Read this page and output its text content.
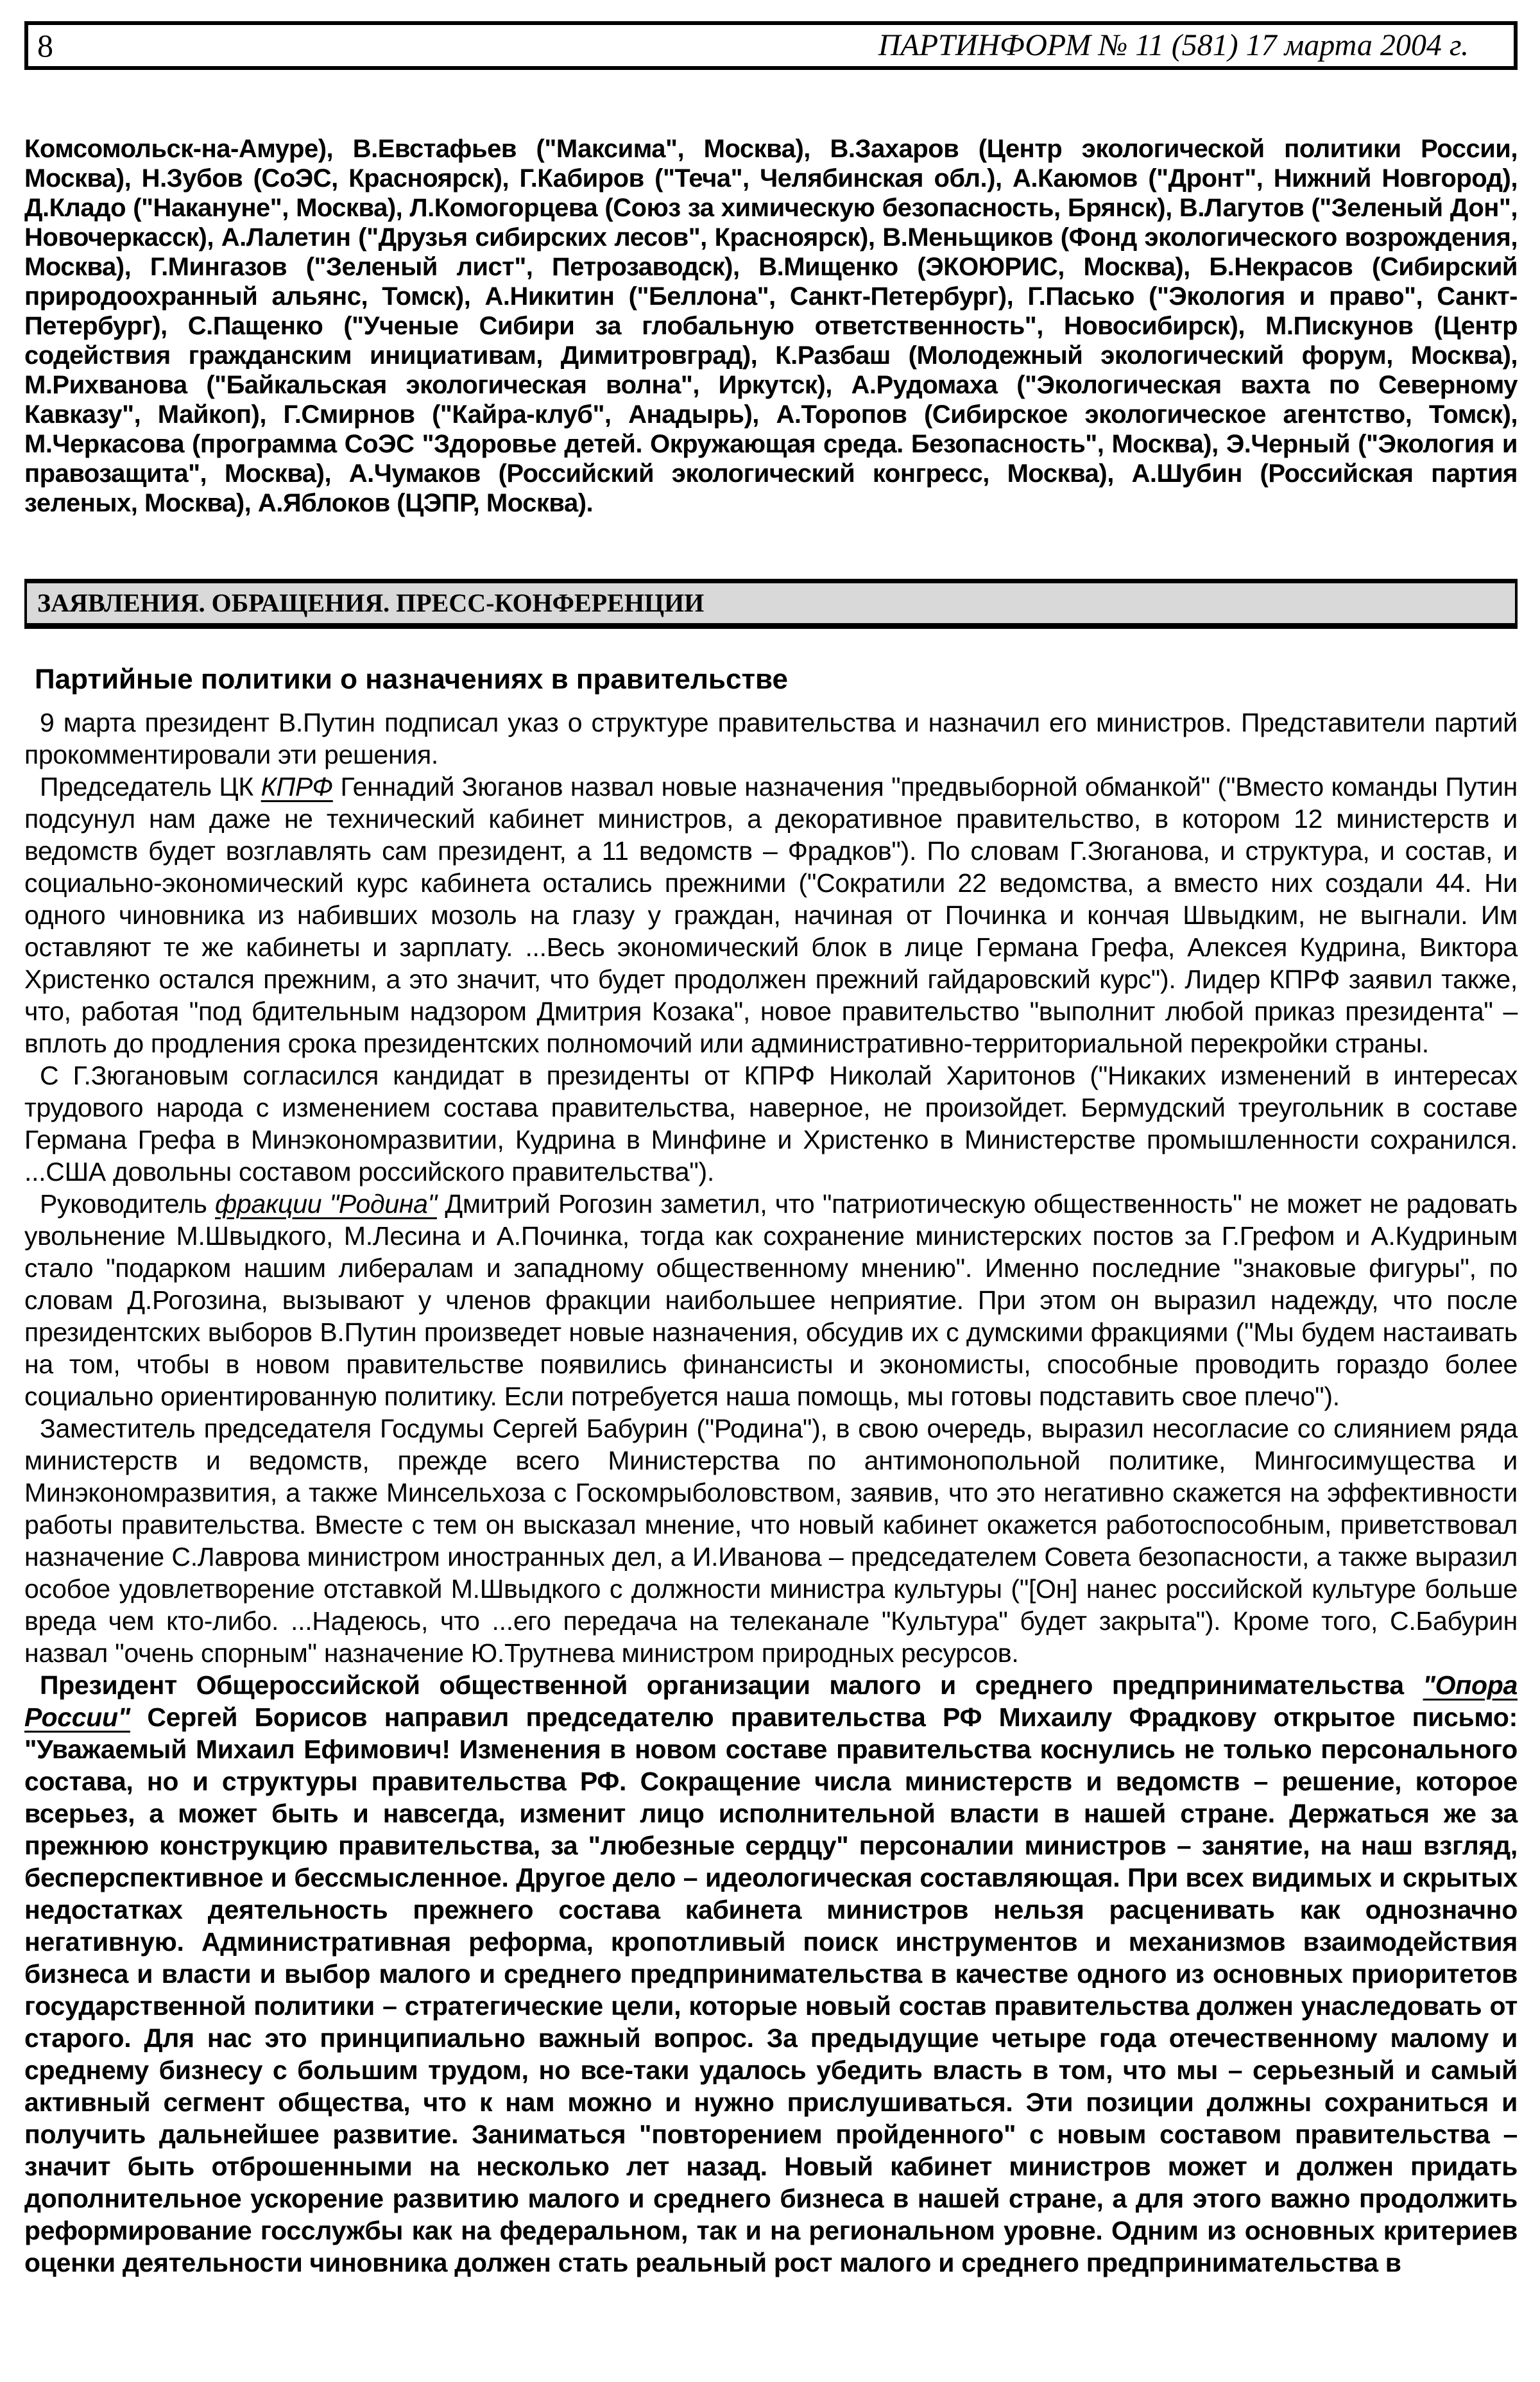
8	ПАРТИНФОРМ № 11 (581) 17 марта 2004 г.

Комсомольск-на-Амуре), В.Евстафьев ("Максима", Москва), В.Захаров (Центр экологической политики России, Москва), Н.Зубов (СоЭС, Красноярск), Г.Кабиров ("Теча", Челябинская обл.), А.Каюмов ("Дронт", Нижний Новгород), Д.Кладо ("Накануне", Москва), Л.Комогорцева (Союз за химическую безопасность, Брянск), В.Лагутов ("Зеленый Дон", Новочеркасск), А.Лалетин ("Друзья сибирских лесов", Красноярск), В.Меньщиков (Фонд экологического возрождения, Москва), Г.Мингазов ("Зеленый лист", Петрозаводск), В.Мищенко (ЭКОЮРИС, Москва), Б.Некрасов (Сибирский природоохранный альянс, Томск), А.Никитин ("Беллона", Санкт-Петербург), Г.Пасько ("Экология и право", Санкт-Петербург), С.Пащенко ("Ученые Сибири за глобальную ответственность", Новосибирск), М.Пискунов (Центр содействия гражданским инициативам, Димитровград), К.Разбаш (Молодежный экологический форум, Москва), М.Рихванова ("Байкальская экологическая волна", Иркутск), А.Рудомаха ("Экологическая вахта по Северному Кавказу", Майкоп), Г.Смирнов ("Кайра-клуб", Анадырь), А.Торопов (Сибирское экологическое агентство, Томск), М.Черкасова (программа СоЭС "Здоровье детей. Окружающая среда. Безопасность", Москва), Э.Черный ("Экология и правозащита", Москва), А.Чумаков (Российский экологический конгресс, Москва), А.Шубин (Российская партия зеленых, Москва), А.Яблоков (ЦЭПР, Москва).

ЗАЯВЛЕНИЯ. ОБРАЩЕНИЯ. ПРЕСС-КОНФЕРЕНЦИИ
Партийные политики о назначениях в правительстве

9 марта президент В.Путин подписал указ о структуре правительства и назначил его министров. Представители партий прокомментировали эти решения.

Председатель ЦК КПРФ Геннадий Зюганов назвал новые назначения "предвыборной обманкой" ("Вместо команды Путин подсунул нам даже не технический кабинет министров, а декоративное правительство, в котором 12 министерств и ведомств будет возглавлять сам президент, а 11 ведомств – Фрадков"). По словам Г.Зюганова, и структура, и состав, и социально-экономический курс кабинета остались прежними ("Сократили 22 ведомства, а вместо них создали 44. Ни одного чиновника из набивших мозоль на глазу у граждан, начиная от Починка и кончая Швыдким, не выгнали. Им оставляют те же кабинеты и зарплату. ...Весь экономический блок в лице Германа Грефа, Алексея Кудрина, Виктора Христенко остался прежним, а это значит, что будет продолжен прежний гайдаровский курс"). Лидер КПРФ заявил также, что, работая "под бдительным надзором Дмитрия Козака", новое правительство "выполнит любой приказ президента" – вплоть до продления срока президентских полномочий или административно-территориальной перекройки страны.

С Г.Зюгановым согласился кандидат в президенты от КПРФ Николай Харитонов ("Никаких изменений в интересах трудового народа с изменением состава правительства, наверное, не произойдет. Бермудский треугольник в составе Германа Грефа в Минэкономразвитии, Кудрина в Минфине и Христенко в Министерстве промышленности сохранился. ...США довольны составом российского правительства").

Руководитель фракции "Родина" Дмитрий Рогозин заметил, что "патриотическую общественность" не может не радовать увольнение М.Швыдкого, М.Лесина и А.Починка, тогда как сохранение министерских постов за Г.Грефом и А.Кудриным стало "подарком нашим либералам и западному общественному мнению". Именно последние "знаковые фигуры", по словам Д.Рогозина, вызывают у членов фракции наибольшее неприятие. При этом он выразил надежду, что после президентских выборов В.Путин произведет новые назначения, обсудив их с думскими фракциями ("Мы будем настаивать на том, чтобы в новом правительстве появились финансисты и экономисты, способные проводить гораздо более социально ориентированную политику. Если потребуется наша помощь, мы готовы подставить свое плечо").

Заместитель председателя Госдумы Сергей Бабурин ("Родина"), в свою очередь, выразил несогласие со слиянием ряда министерств и ведомств, прежде всего Министерства по антимонопольной политике, Мингосимущества и Минэкономразвития, а также Минсельхоза с Госкомрыболовством, заявив, что это негативно скажется на эффективности работы правительства. Вместе с тем он высказал мнение, что новый кабинет окажется работоспособным, приветствовал назначение С.Лаврова министром иностранных дел, а И.Иванова – председателем Совета безопасности, а также выразил особое удовлетворение отставкой М.Швыдкого с должности министра культуры ("[Он] нанес российской культуре больше вреда чем кто-либо. ...Надеюсь, что ...его передача на телеканале "Культура" будет закрыта"). Кроме того, С.Бабурин назвал "очень спорным" назначение Ю.Трутнева министром природных ресурсов.

Президент Общероссийской общественной организации малого и среднего предпринимательства "Опора России" Сергей Борисов направил председателю правительства РФ Михаилу Фрадкову открытое письмо: "Уважаемый Михаил Ефимович! Изменения в новом составе правительства коснулись не только персонального состава, но и структуры правительства РФ. Сокращение числа министерств и ведомств – решение, которое всерьез, а может быть и навсегда, изменит лицо исполнительной власти в нашей стране. Держаться же за прежнюю конструкцию правительства, за "любезные сердцу" персоналии министров – занятие, на наш взгляд, бесперспективное и бессмысленное. Другое дело – идеологическая составляющая. При всех видимых и скрытых недостатках деятельность прежнего состава кабинета министров нельзя расценивать как однозначно негативную. Административная реформа, кропотливый поиск инструментов и механизмов взаимодействия бизнеса и власти и выбор малого и среднего предпринимательства в качестве одного из основных приоритетов государственной политики – стратегические цели, которые новый состав правительства должен унаследовать от старого. Для нас это принципиально важный вопрос. За предыдущие четыре года отечественному малому и среднему бизнесу с большим трудом, но все-таки удалось убедить власть в том, что мы – серьезный и самый активный сегмент общества, что к нам можно и нужно прислушиваться. Эти позиции должны сохраниться и получить дальнейшее развитие. Заниматься "повторением пройденного" с новым составом правительства – значит быть отброшенными на несколько лет назад. Новый кабинет министров может и должен придать дополнительное ускорение развитию малого и среднего бизнеса в нашей стране, а для этого важно продолжить реформирование госслужбы как на федеральном, так и на региональном уровне. Одним из основных критериев оценки деятельности чиновника должен стать реальный рост малого и среднего предпринимательства в
